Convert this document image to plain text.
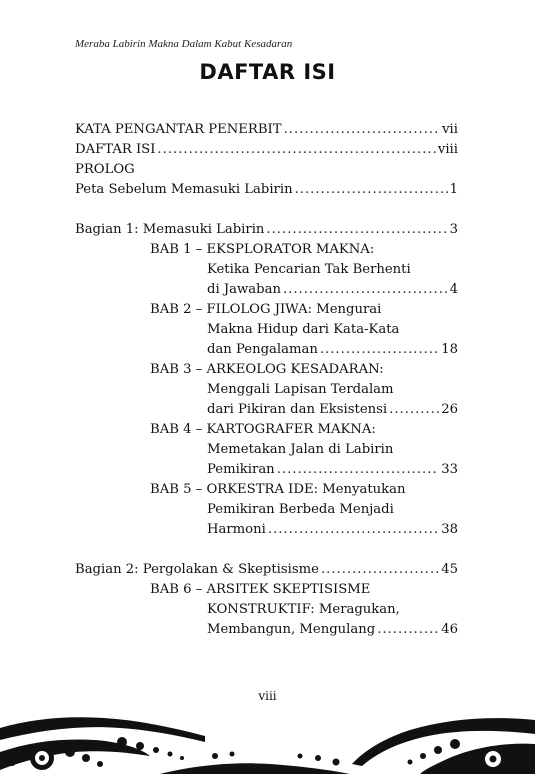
Meraba Labirin Makna Dalam Kabut Kesadaran
DAFTAR ISI
KATA PENGANTAR PENERBIT .....	vii
DAFTAR ISI .....	viii
PROLOG
Peta Sebelum Memasuki Labirin .....	1
Bagian 1: Memasuki Labirin .....	3
BAB 1 – EKSPLORATOR MAKNA:
Ketika Pencarian Tak Berhenti
di Jawaban .....	4
BAB 2 – FILOLOG JIWA: Mengurai
Makna Hidup dari Kata-Kata
dan Pengalaman .....	18
BAB 3 – ARKEOLOG KESADARAN:
Menggali Lapisan Terdalam
dari Pikiran dan Eksistensi .....	26
BAB 4 – KARTOGRAFER MAKNA:
Memetakan Jalan di Labirin
Pemikiran .....	33
BAB 5 – ORKESTRA IDE: Menyatukan
Pemikiran Berbeda Menjadi
Harmoni .....	38
Bagian 2: Pergolakan & Skeptisisme .....	45
BAB 6 – ARSITEK SKEPTISISME
KONSTRUKTIF: Meragukan,
Membangun, Mengulang .....	46
viii
